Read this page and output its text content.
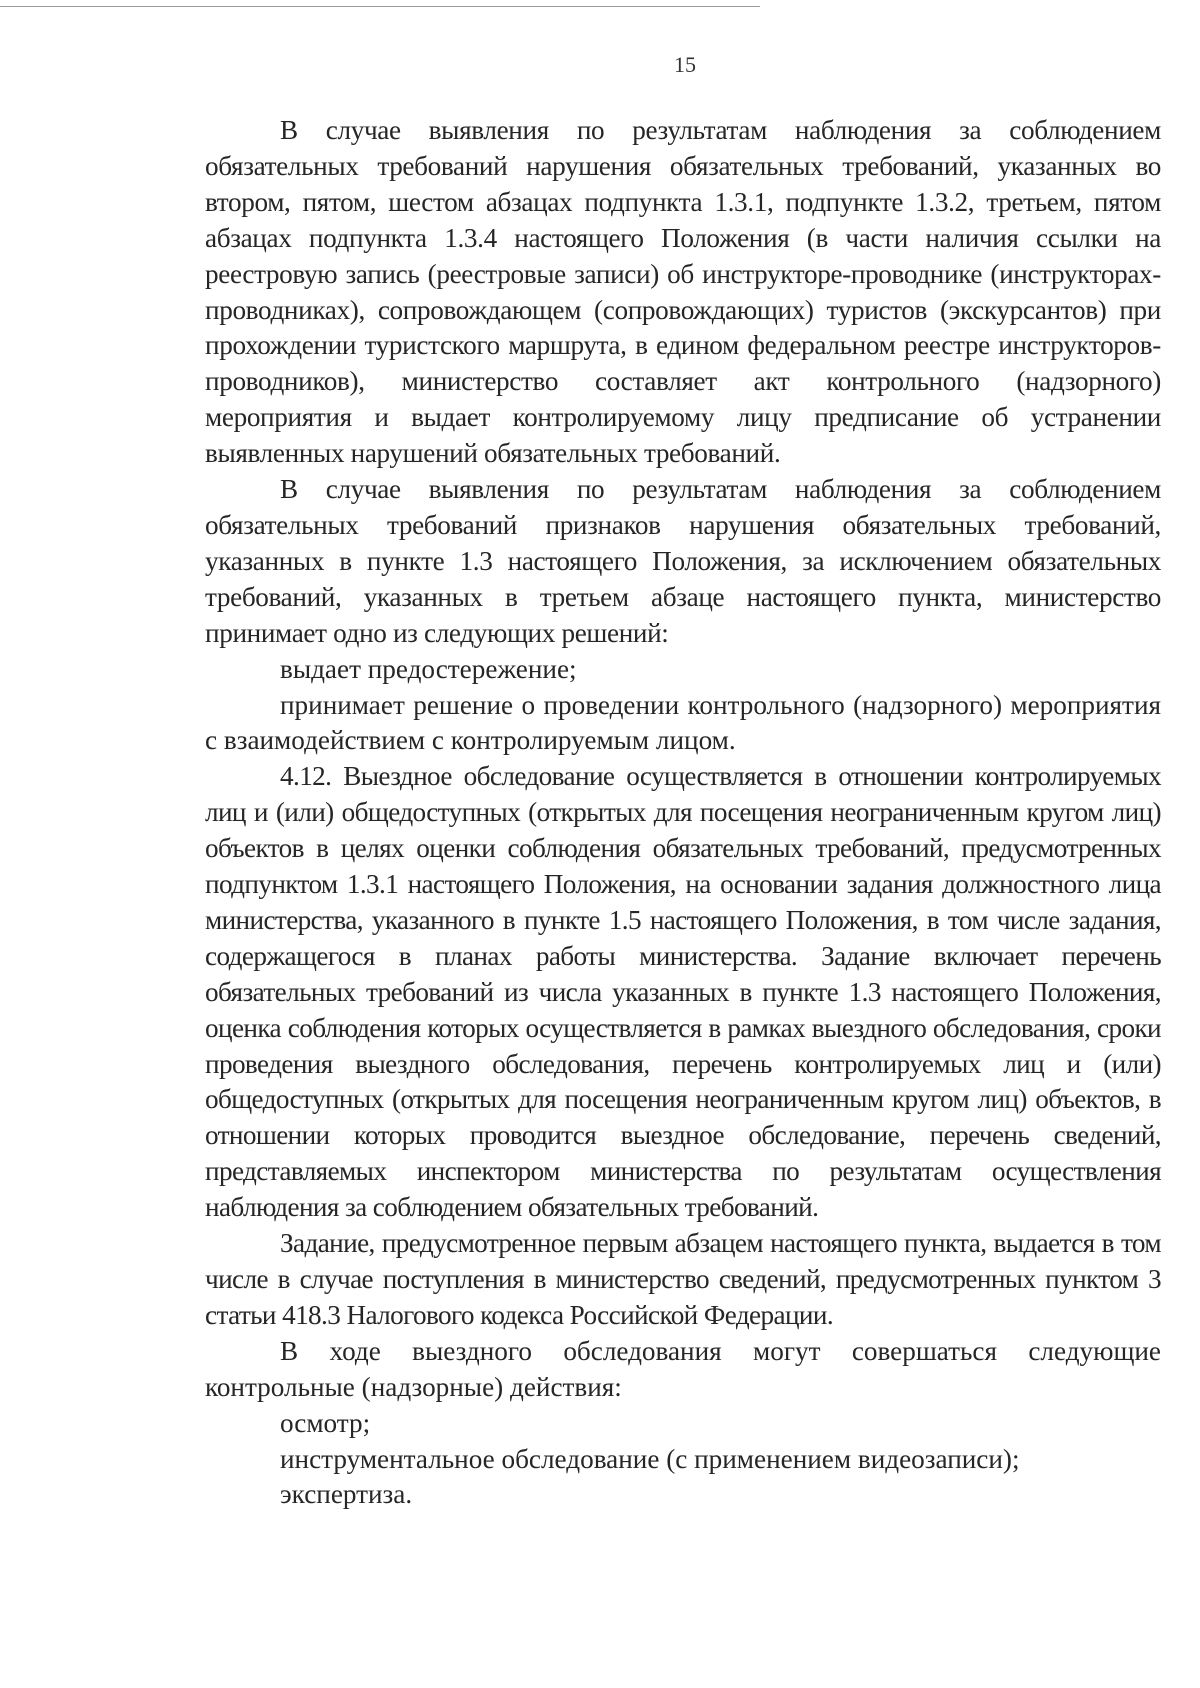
15

В случае выявления по результатам наблюдения за соблюдением обязательных требований нарушения обязательных требований, указанных во втором, пятом, шестом абзацах подпункта 1.3.1, подпункте 1.3.2, третьем, пятом абзацах подпункта 1.3.4 настоящего Положения (в части наличия ссылки на реестровую запись (реестровые записи) об инструкторе-проводнике (инструкторах-проводниках), сопровождающем (сопровождающих) туристов (экскурсантов) при прохождении туристского маршрута, в едином федеральном реестре инструкторов-проводников), министерство составляет акт контрольного (надзорного) мероприятия и выдает контролируемому лицу предписание об устранении выявленных нарушений обязательных требований.

В случае выявления по результатам наблюдения за соблюдением обязательных требований признаков нарушения обязательных требований, указанных в пункте 1.3 настоящего Положения, за исключением обязательных требований, указанных в третьем абзаце настоящего пункта, министерство принимает одно из следующих решений:

выдает предостережение;

принимает решение о проведении контрольного (надзорного) мероприятия с взаимодействием с контролируемым лицом.

4.12. Выездное обследование осуществляется в отношении контролируемых лиц и (или) общедоступных (открытых для посещения неограниченным кругом лиц) объектов в целях оценки соблюдения обязательных требований, предусмотренных подпунктом 1.3.1 настоящего Положения, на основании задания должностного лица министерства, указанного в пункте 1.5 настоящего Положения, в том числе задания, содержащегося в планах работы министерства. Задание включает перечень обязательных требований из числа указанных в пункте 1.3 настоящего Положения, оценка соблюдения которых осуществляется в рамках выездного обследования, сроки проведения выездного обследования, перечень контролируемых лиц и (или) общедоступных (открытых для посещения неограниченным кругом лиц) объектов, в отношении которых проводится выездное обследование, перечень сведений, представляемых инспектором министерства по результатам осуществления наблюдения за соблюдением обязательных требований.

Задание, предусмотренное первым абзацем настоящего пункта, выдается в том числе в случае поступления в министерство сведений, предусмотренных пунктом 3 статьи 418.3 Налогового кодекса Российской Федерации.

В ходе выездного обследования могут совершаться следующие контрольные (надзорные) действия:

осмотр;

инструментальное обследование (с применением видеозаписи);

экспертиза.
